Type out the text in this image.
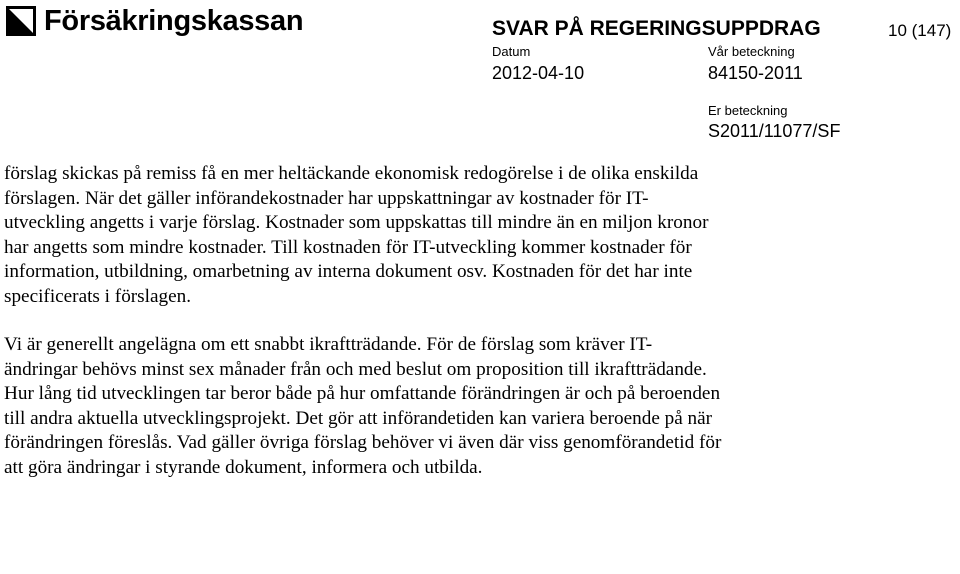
Försäkringskassan	SVAR PÅ REGERINGSUPPDRAG	10 (147)
Datum
2012-04-10
Vår beteckning
84150-2011
Er beteckning
S2011/11077/SF

förslag skickas på remiss få en mer heltäckande ekonomisk redogörelse i de olika enskilda förslagen. När det gäller införandekostnader har uppskattningar av kostnader för IT-utveckling angetts i varje förslag. Kostnader som uppskattas till mindre än en miljon kronor har angetts som mindre kostnader. Till kostnaden för IT-utveckling kommer kostnader för information, utbildning, omarbetning av interna dokument osv. Kostnaden för det har inte specificerats i förslagen.

Vi är generellt angelägna om ett snabbt ikraftträdande. För de förslag som kräver IT-ändringar behövs minst sex månader från och med beslut om proposition till ikraftträdande. Hur lång tid utvecklingen tar beror både på hur omfattande förändringen är och på beroenden till andra aktuella utvecklingsprojekt. Det gör att införandetiden kan variera beroende på när förändringen föreslås. Vad gäller övriga förslag behöver vi även där viss genomförandetid för att göra ändringar i styrande dokument, informera och utbilda.
